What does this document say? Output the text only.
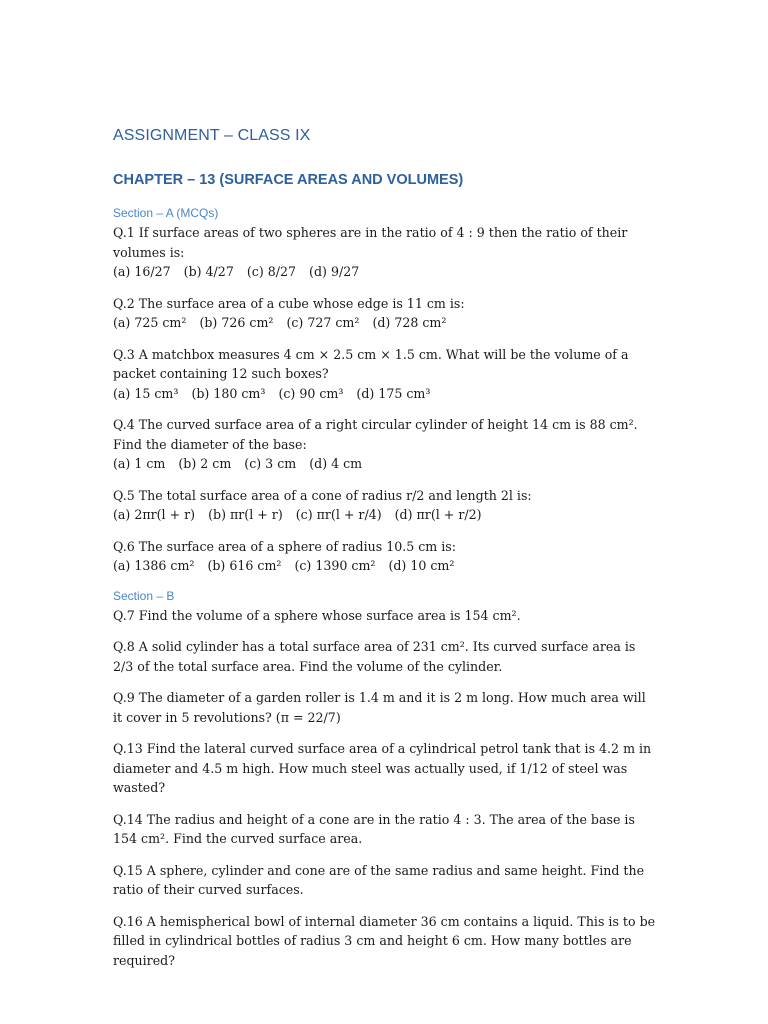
ASSIGNMENT – CLASS IX
CHAPTER – 13 (SURFACE AREAS AND VOLUMES)
Section – A (MCQs)

Q.1 If surface areas of two spheres are in the ratio of 4 : 9 then the ratio of their volumes is:

(a) 16/27 (b) 4/27 (c) 8/27 (d) 9/27

Q.2 The surface area of a cube whose edge is 11 cm is:

(a) 725 cm² (b) 726 cm² (c) 727 cm² (d) 728 cm²

Q.3 A matchbox measures 4 cm × 2.5 cm × 1.5 cm. What will be the volume of a packet containing 12 such boxes?

(a) 15 cm³ (b) 180 cm³ (c) 90 cm³ (d) 175 cm³

Q.4 The curved surface area of a right circular cylinder of height 14 cm is 88 cm². Find the diameter of the base:

(a) 1 cm (b) 2 cm (c) 3 cm (d) 4 cm

Q.5 The total surface area of a cone of radius r/2 and length 2l is:

(a) 2πr(l + r) (b) πr(l + r) (c) πr(l + r/4) (d) πr(l + r/2)

Q.6 The surface area of a sphere of radius 10.5 cm is:

(a) 1386 cm² (b) 616 cm² (c) 1390 cm² (d) 10 cm²

Section – B

Q.7 Find the volume of a sphere whose surface area is 154 cm².

Q.8 A solid cylinder has a total surface area of 231 cm². Its curved surface area is 2/3 of the total surface area. Find the volume of the cylinder.

Q.9 The diameter of a garden roller is 1.4 m and it is 2 m long. How much area will it cover in 5 revolutions? (π = 22/7)

Q.13 Find the lateral curved surface area of a cylindrical petrol tank that is 4.2 m in diameter and 4.5 m high. How much steel was actually used, if 1/12 of steel was wasted?

Q.14 The radius and height of a cone are in the ratio 4 : 3. The area of the base is 154 cm². Find the curved surface area.

Q.15 A sphere, cylinder and cone are of the same radius and same height. Find the ratio of their curved surfaces.

Q.16 A hemispherical bowl of internal diameter 36 cm contains a liquid. This is to be filled in cylindrical bottles of radius 3 cm and height 6 cm. How many bottles are required?
